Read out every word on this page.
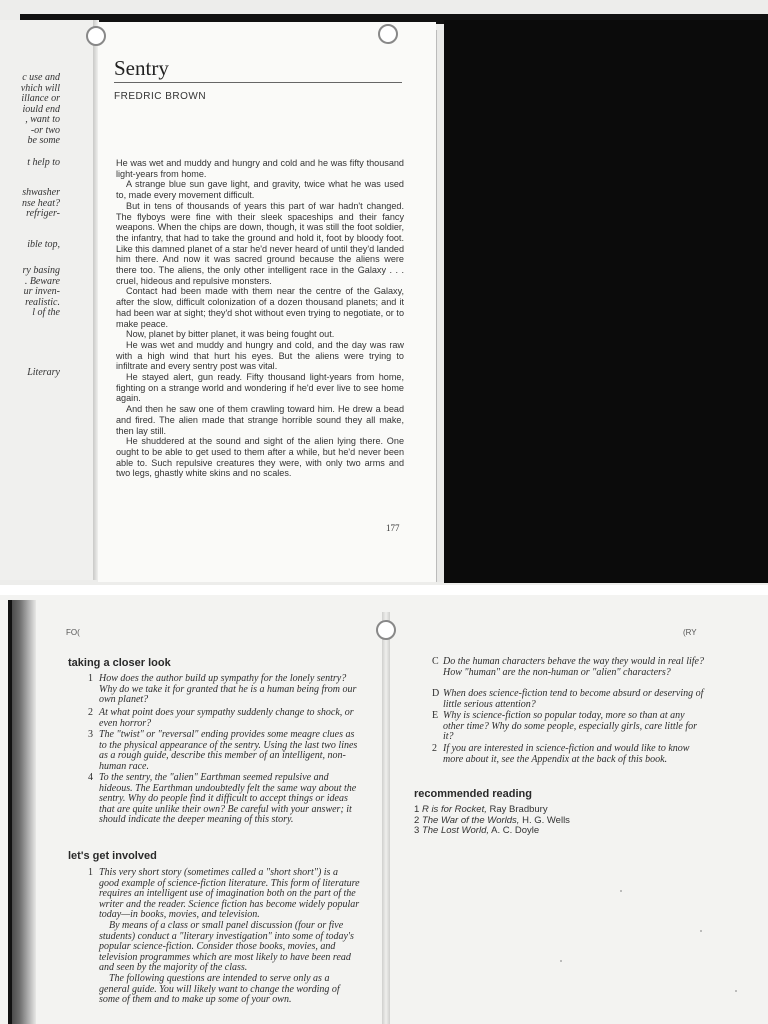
c use and
vhich will
illance or
iould end
, want to
-or two
be some
t help to
shwasher
nse heat?
refriger-
ible top,
ry basing
. Beware
ur inven-
realistic.
l of the
Literary
Sentry
FREDRIC BROWN

He was wet and muddy and hungry and cold and he was fifty thousand light-years from home.

A strange blue sun gave light, and gravity, twice what he was used to, made every movement difficult.

But in tens of thousands of years this part of war hadn't changed. The flyboys were fine with their sleek spaceships and their fancy weapons. When the chips are down, though, it was still the foot soldier, the infantry, that had to take the ground and hold it, foot by bloody foot. Like this damned planet of a star he'd never heard of until they'd landed him there. And now it was sacred ground because the aliens were there too. The aliens, the only other intelligent race in the Galaxy . . . cruel, hideous and repulsive monsters.

Contact had been made with them near the centre of the Galaxy, after the slow, difficult colonization of a dozen thousand planets; and it had been war at sight; they'd shot without even trying to negotiate, or to make peace.

Now, planet by bitter planet, it was being fought out.

He was wet and muddy and hungry and cold, and the day was raw with a high wind that hurt his eyes. But the aliens were trying to infiltrate and every sentry post was vital.

He stayed alert, gun ready. Fifty thousand light-years from home, fighting on a strange world and wondering if he'd ever live to see home again.

And then he saw one of them crawling toward him. He drew a bead and fired. The alien made that strange horrible sound they all make, then lay still.

He shuddered at the sound and sight of the alien lying there. One ought to be able to get used to them after a while, but he'd never been able to. Such repulsive creatures they were, with only two arms and two legs, ghastly white skins and no scales.

177
FO(	(RY
taking a closer look
1 How does the author build up sympathy for the lonely sentry? Why do we take it for granted that he is a human being from our own planet?
2 At what point does your sympathy suddenly change to shock, or even horror?
3 The "twist" or "reversal" ending provides some meagre clues as to the physical appearance of the sentry. Using the last two lines as a rough guide, describe this member of an intelligent, non-human race.
4 To the sentry, the "alien" Earthman seemed repulsive and hideous. The Earthman undoubtedly felt the same way about the sentry. Why do people find it difficult to accept things or ideas that are quite unlike their own? Be careful with your answer; it should indicate the deeper meaning of this story.
let's get involved
1 This very short story (sometimes called a "short short") is a good example of science-fiction literature. This form of literature requires an intelligent use of imagination both on the part of the writer and the reader. Science fiction has become widely popular today—in books, movies, and television.

By means of a class or small panel discussion (four or five students) conduct a "literary investigation" into some of today's popular science-fiction. Consider those books, movies, and television programmes which are most likely to have been read and seen by the majority of the class.

The following questions are intended to serve only as a general guide. You will likely want to change the wording of some of them and to make up some of your own.

C Do the human characters behave the way they would in real life? How "human" are the non-human or "alien" characters?
D When does science-fiction tend to become absurd or deserving of little serious attention?
E Why is science-fiction so popular today, more so than at any other time? Why do some people, especially girls, care little for it?
2 If you are interested in science-fiction and would like to know more about it, see the Appendix at the back of this book.
recommended reading
1 R is for Rocket, Ray Bradbury
2 The War of the Worlds, H. G. Wells
3 The Lost World, A. C. Doyle
